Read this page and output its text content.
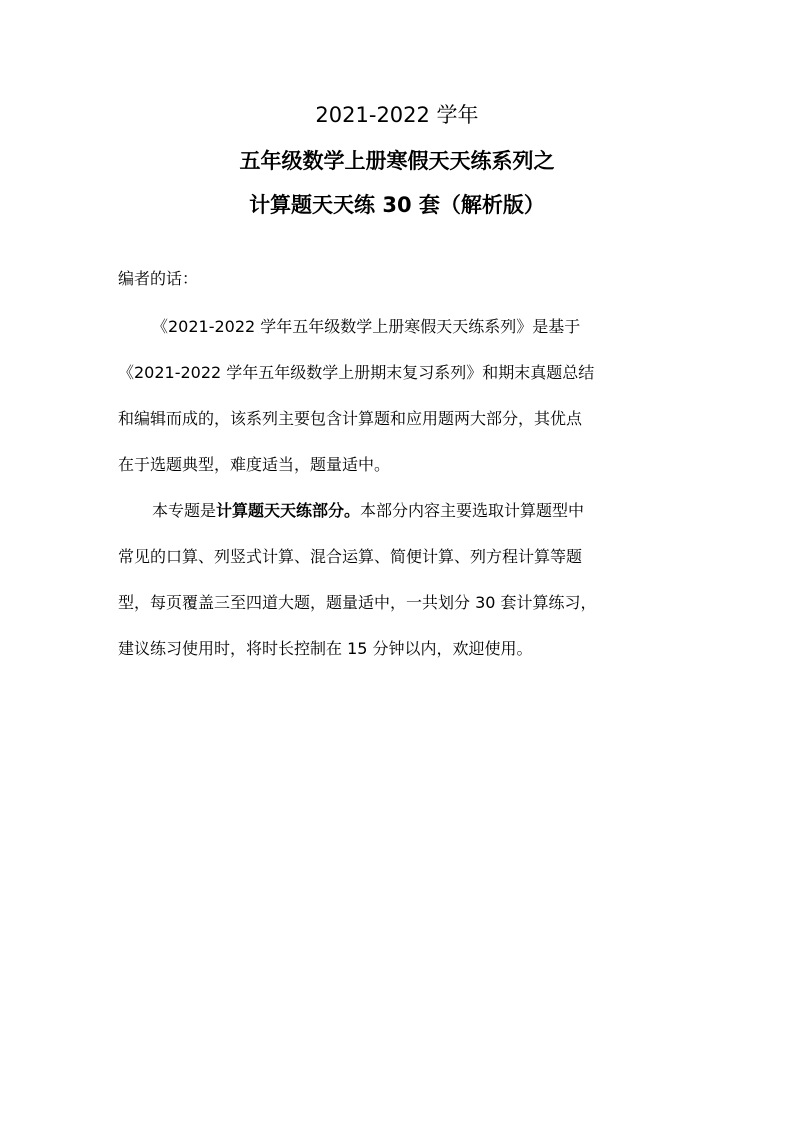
2021-2022 学年

五年级数学上册寒假天天练系列之

计算题天天练 30 套（解析版）

编者的话：

《2021-2022 学年五年级数学上册寒假天天练系列》是基于

《2021-2022 学年五年级数学上册期末复习系列》和期末真题总结

和编辑而成的，该系列主要包含计算题和应用题两大部分，其优点

在于选题典型，难度适当，题量适中。

本专题是计算题天天练部分。本部分内容主要选取计算题型中

常见的口算、列竖式计算、混合运算、简便计算、列方程计算等题

型，每页覆盖三至四道大题，题量适中，一共划分 30 套计算练习，

建议练习使用时，将时长控制在 15 分钟以内，欢迎使用。
